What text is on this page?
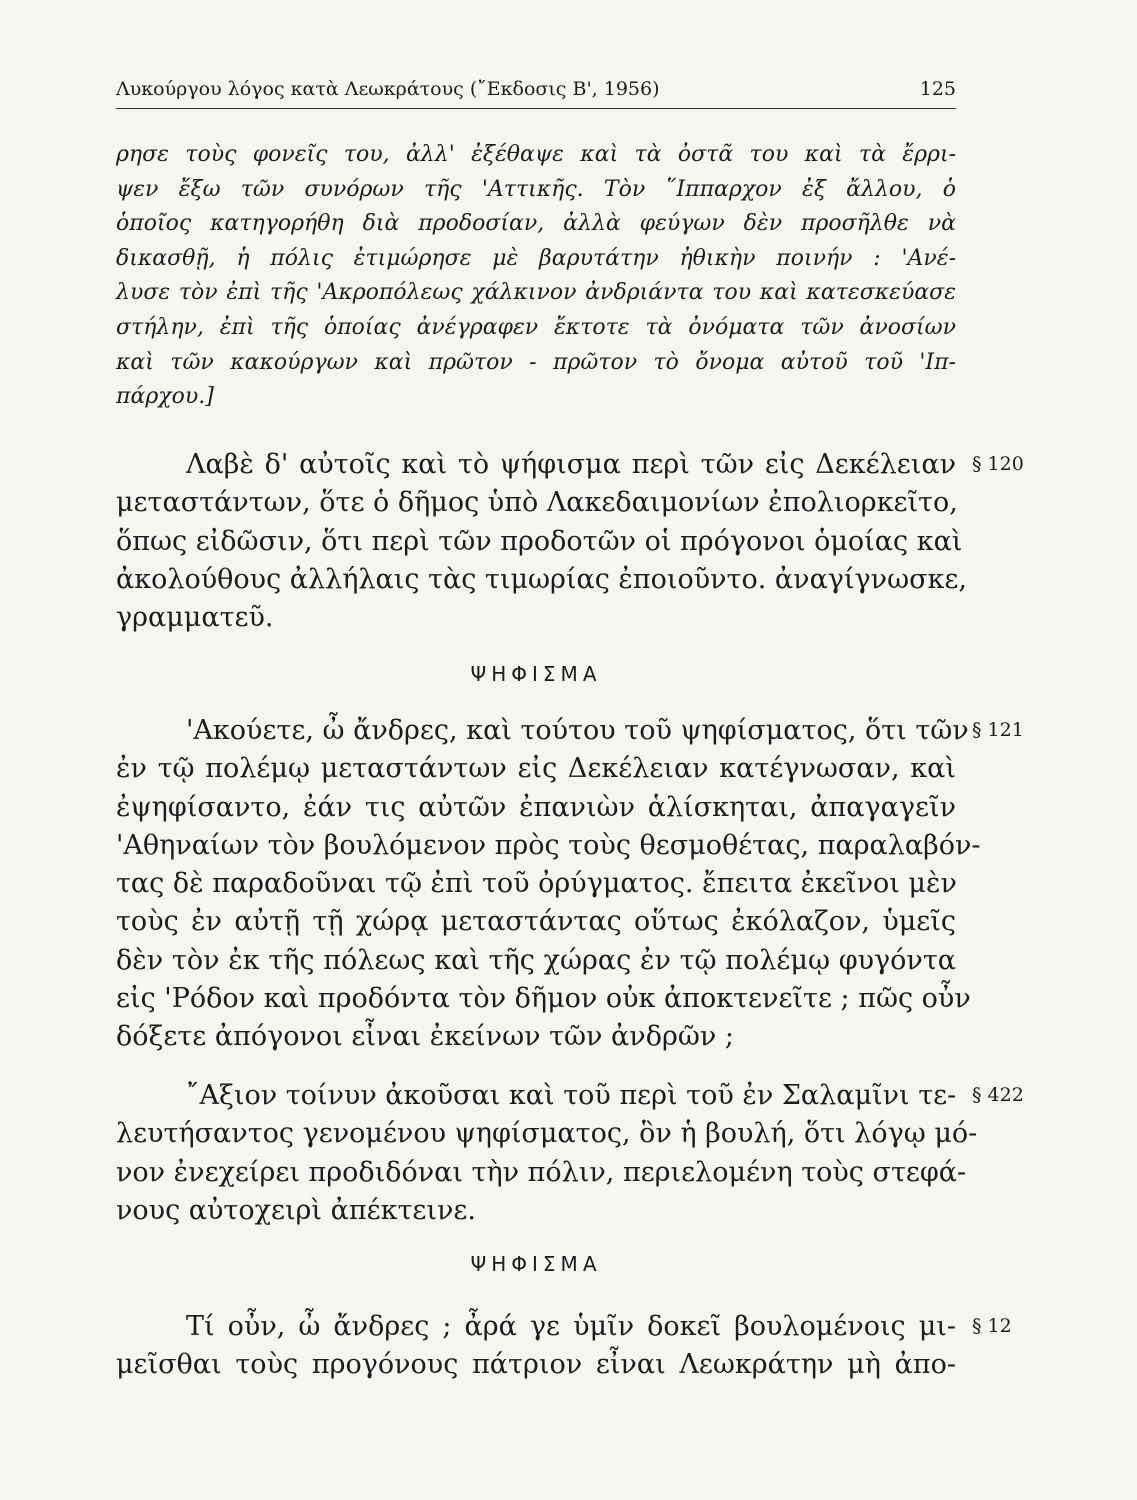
Λυκούργου λόγος κατὰ Λεωκράτους (῎Εκδοσις Β', 1956)	125
ρησε τοὺς φονεῖς του, ἀλλ' ἐξέθαψε καὶ τὰ ὀστᾶ του καὶ τὰ ἔρρι-
ψεν ἔξω τῶν συνόρων τῆς 'Αττικῆς. Τὸν ῞Ιππαρχον ἐξ ἄλλου, ὁ
ὁποῖος κατηγορήθη διὰ προδοσίαν, ἀλλὰ φεύγων δὲν προσῆλθε νὰ
δικασθῇ, ἡ πόλις ἐτιμώρησε μὲ βαρυτάτην ἠθικὴν ποινήν : 'Ανέ-
λυσε τὸν ἐπὶ τῆς 'Ακροπόλεως χάλκινον ἀνδριάντα του καὶ κατεσκεύασε
στήλην, ἐπὶ τῆς ὁποίας ἀνέγραφεν ἔκτοτε τὰ ὀνόματα τῶν ἀνοσίων
καὶ τῶν κακούργων καὶ πρῶτον - πρῶτον τὸ ὄνομα αὐτοῦ τοῦ 'Ιπ-
πάρχου.]
Λαβὲ δ' αὐτοῖς καὶ τὸ ψήφισμα περὶ τῶν εἰς Δεκέλειαν
μεταστάντων, ὅτε ὁ δῆμος ὑπὸ Λακεδαιμονίων ἐπολιορκεῖτο,
ὅπως εἰδῶσιν, ὅτι περὶ τῶν προδοτῶν οἱ πρόγονοι ὁμοίας καὶ
ἀκολούθους ἀλλήλαις τὰς τιμωρίας ἐποιοῦντο. ἀναγίγνωσκε,
γραμματεῦ.
§ 120
ΨΗΦΙΣΜΑ
'Ακούετε, ὦ ἄνδρες, καὶ τούτου τοῦ ψηφίσματος, ὅτι τῶν
ἐν τῷ πολέμῳ μεταστάντων εἰς Δεκέλειαν κατέγνωσαν, καὶ
ἐψηφίσαντο, ἐάν τις αὐτῶν ἐπανιὼν ἁλίσκηται, ἀπαγαγεῖν
'Αθηναίων τὸν βουλόμενον πρὸς τοὺς θεσμοθέτας, παραλαβόν-
τας δὲ παραδοῦναι τῷ ἐπὶ τοῦ ὀρύγματος. ἔπειτα ἐκεῖνοι μὲν
τοὺς ἐν αὐτῇ τῇ χώρᾳ μεταστάντας οὕτως ἐκόλαζον, ὑμεῖς
δὲν τὸν ἐκ τῆς πόλεως καὶ τῆς χώρας ἐν τῷ πολέμῳ φυγόντα
εἰς 'Ρόδον καὶ προδόντα τὸν δῆμον οὐκ ἀποκτενεῖτε ; πῶς οὖν
δόξετε ἀπόγονοι εἶναι ἐκείνων τῶν ἀνδρῶν ;
§ 121
῎Αξιον τοίνυν ἀκοῦσαι καὶ τοῦ περὶ τοῦ ἐν Σαλαμῖνι τε-
λευτήσαντος γενομένου ψηφίσματος, ὃν ἡ βουλή, ὅτι λόγῳ μό-
νον ἐνεχείρει προδιδόναι τὴν πόλιν, περιελομένη τοὺς στεφά-
νους αὐτοχειρὶ ἀπέκτεινε.
§ 422
ΨΗΦΙΣΜΑ
Τί οὖν, ὦ ἄνδρες ; ἆρά γε ὑμῖν δοκεῖ βουλομένοις μι-
μεῖσθαι τοὺς προγόνους πάτριον εἶναι Λεωκράτην μὴ ἀπο-
§ 12
